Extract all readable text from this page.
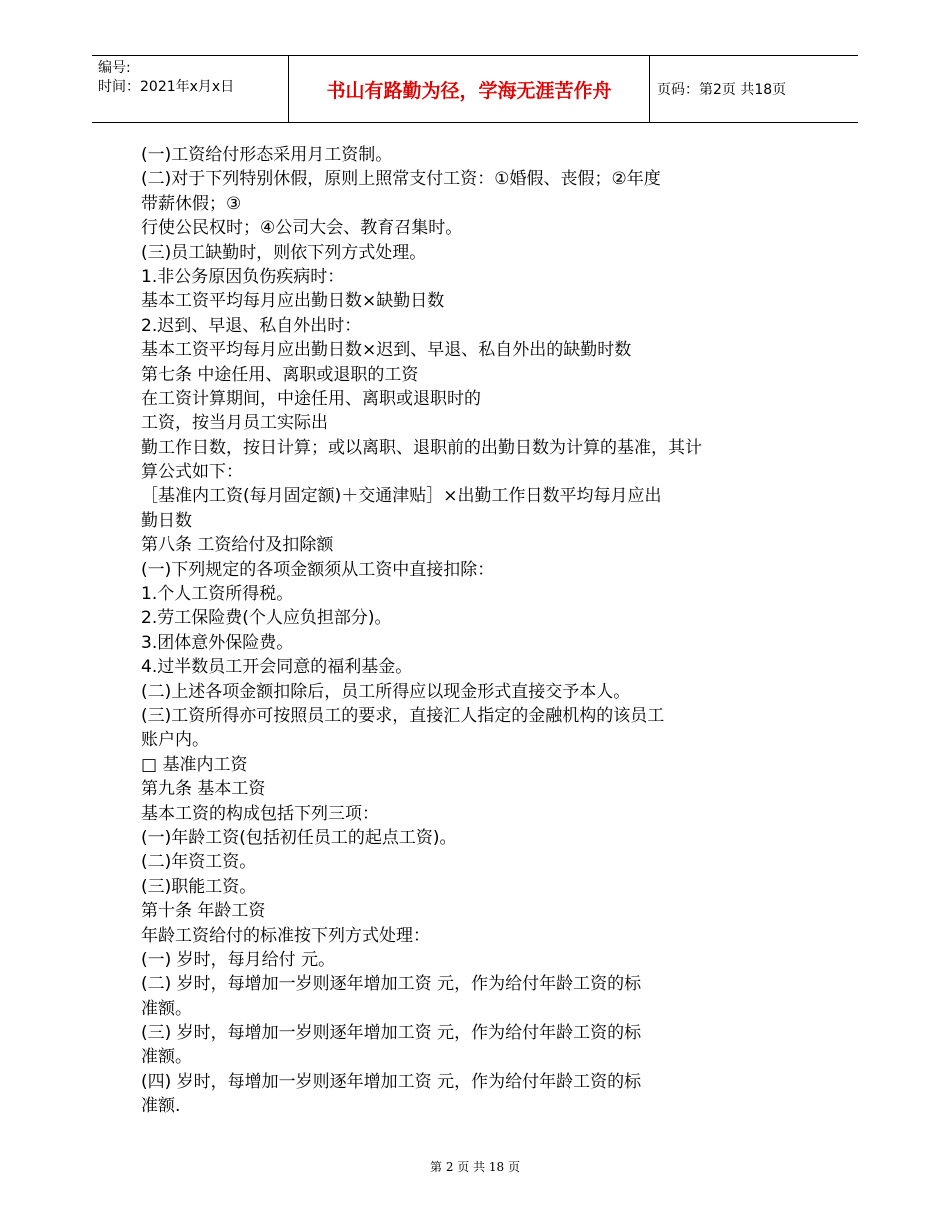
编号:
时间：2021年x月x日	书山有路勤为径，学海无涯苦作舟	页码：第2页 共18页
(一)工资给付形态采用月工资制。
(二)对于下列特别休假，原则上照常支付工资：①婚假、丧假；②年度
带薪休假；③
行使公民权时；④公司大会、教育召集时。
(三)员工缺勤时，则依下列方式处理。
1.非公务原因负伤疾病时：
基本工资平均每月应出勤日数×缺勤日数
2.迟到、早退、私自外出时：
基本工资平均每月应出勤日数×迟到、早退、私自外出的缺勤时数
第七条 中途任用、离职或退职的工资
在工资计算期间，中途任用、离职或退职时的
工资，按当月员工实际出
勤工作日数，按日计算；或以离职、退职前的出勤日数为计算的基准，其计
算公式如下：
［基准内工资(每月固定额)＋交通津贴］×出勤工作日数平均每月应出
勤日数
第八条 工资给付及扣除额
(一)下列规定的各项金额须从工资中直接扣除：
1.个人工资所得税。
2.劳工保险费(个人应负担部分)。
3.团体意外保险费。
4.过半数员工开会同意的福利基金。
(二)上述各项金额扣除后，员工所得应以现金形式直接交予本人。
(三)工资所得亦可按照员工的要求，直接汇人指定的金融机构的该员工
账户内。
□ 基准内工资
第九条 基本工资
基本工资的构成包括下列三项：
(一)年龄工资(包括初任员工的起点工资)。
(二)年资工资。
(三)职能工资。
第十条 年龄工资
年龄工资给付的标准按下列方式处理：
(一) 岁时，每月给付 元。
(二) 岁时，每增加一岁则逐年增加工资 元，作为给付年龄工资的标
准额。
(三) 岁时，每增加一岁则逐年增加工资 元，作为给付年龄工资的标
准额。
(四) 岁时，每增加一岁则逐年增加工资 元，作为给付年龄工资的标
准额.
第 2 页 共 18 页
